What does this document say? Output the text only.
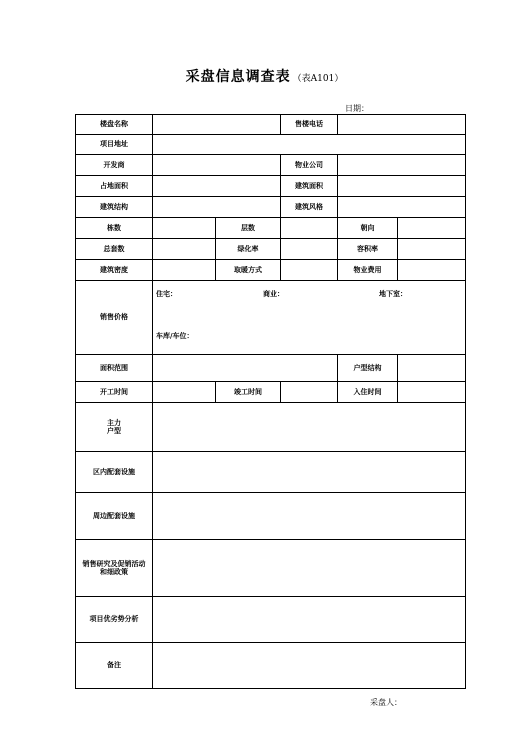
采盘信息调查表 （表A101）
日期：
楼盘名称			售楼电话		
项目地址					
开发商			物业公司		
占地面积			建筑面积		
建筑结构			建筑风格		
栋数		层数		朝向	
总套数		绿化率		容积率	
建筑密度		取暖方式		物业费用	
销售价格	住宅： 商业： 地下室：
车库/车位：				

面积范围				户型结构	
开工时间		竣工时间		入住时间	

主力户型					

区内配套设施					
周边配套设施					

销售研究及促销活动和细政策					

项目优劣势分析					
备注					
采盘人：
